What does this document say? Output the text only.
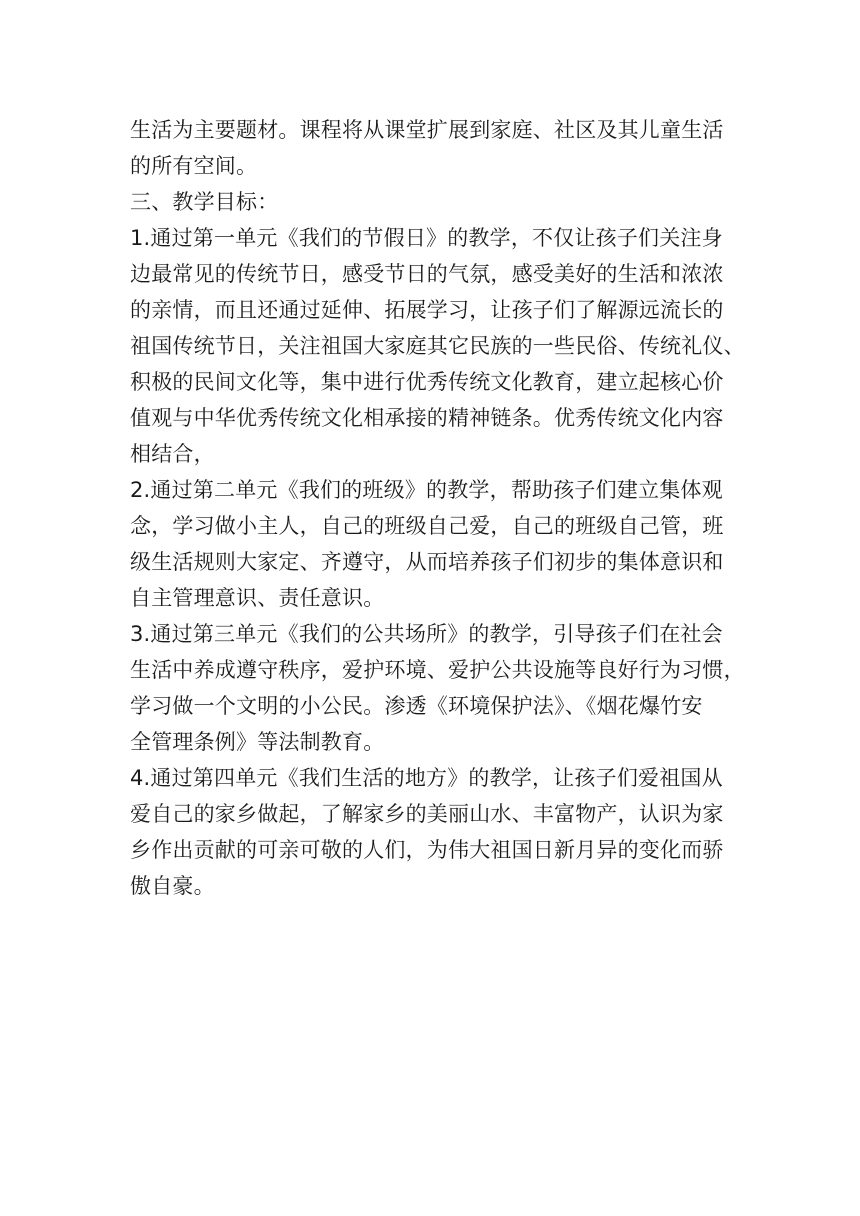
生活为主要题材。课程将从课堂扩展到家庭、社区及其儿童生活
的所有空间。
三、教学目标：
1.通过第一单元《我们的节假日》的教学，不仅让孩子们关注身
边最常见的传统节日，感受节日的气氛，感受美好的生活和浓浓
的亲情，而且还通过延伸、拓展学习，让孩子们了解源远流长的
祖国传统节日，关注祖国大家庭其它民族的一些民俗、传统礼仪、
积极的民间文化等，集中进行优秀传统文化教育，建立起核心价
值观与中华优秀传统文化相承接的精神链条。优秀传统文化内容
相结合，
2.通过第二单元《我们的班级》的教学，帮助孩子们建立集体观
念，学习做小主人，自己的班级自己爱，自己的班级自己管，班
级生活规则大家定、齐遵守，从而培养孩子们初步的集体意识和
自主管理意识、责任意识。
3.通过第三单元《我们的公共场所》的教学，引导孩子们在社会
生活中养成遵守秩序，爱护环境、爱护公共设施等良好行为习惯，
学习做一个文明的小公民。渗透《环境保护法》、《烟花爆竹安
全管理条例》等法制教育。
4.通过第四单元《我们生活的地方》的教学，让孩子们爱祖国从
爱自己的家乡做起，了解家乡的美丽山水、丰富物产，认识为家
乡作出贡献的可亲可敬的人们，为伟大祖国日新月异的变化而骄
傲自豪。
